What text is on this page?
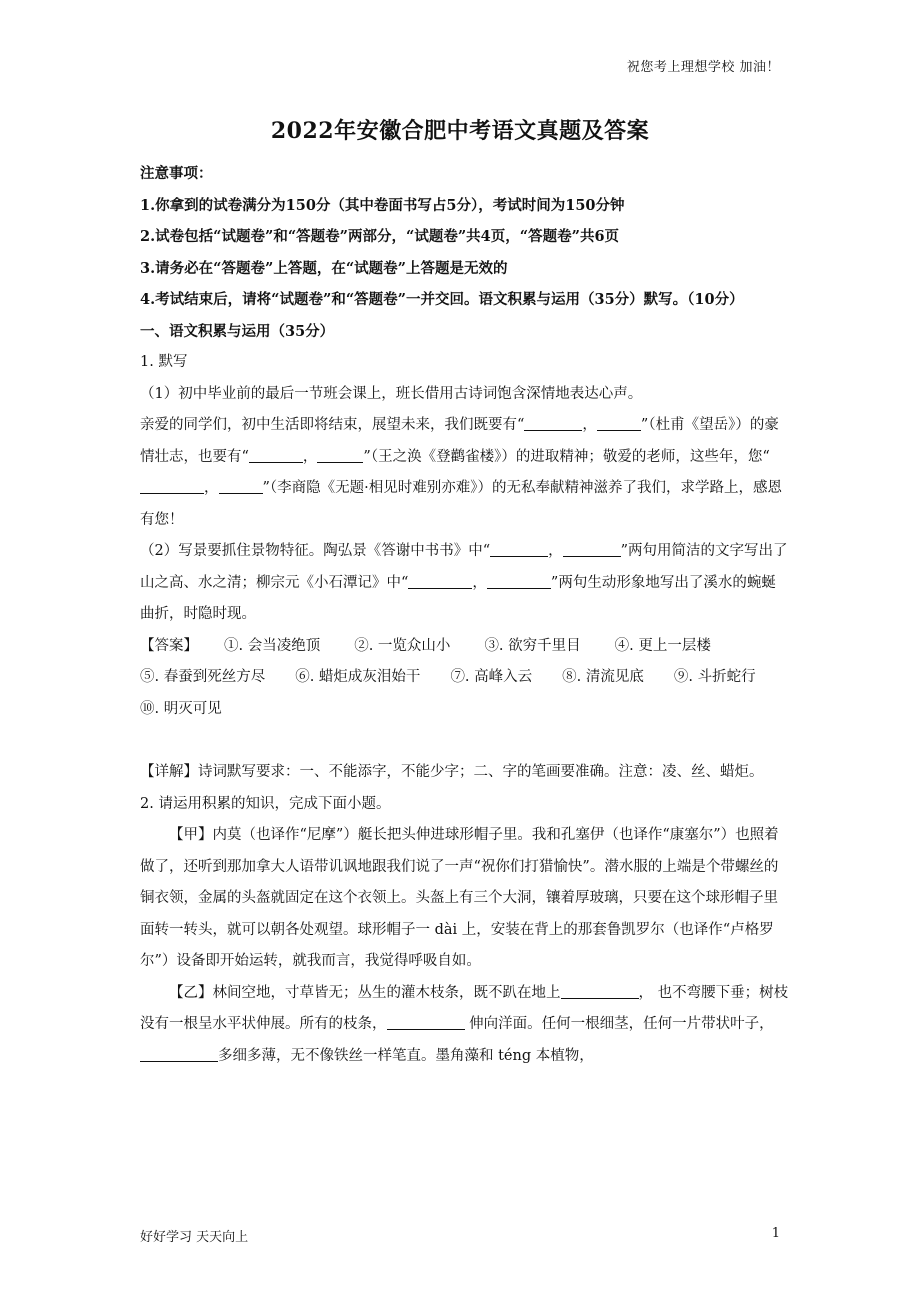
祝您考上理想学校 加油！
2022年安徽合肥中考语文真题及答案

注意事项：

1.你拿到的试卷满分为150分（其中卷面书写占5分），考试时间为150分钟

2.试卷包括“试题卷”和“答题卷”两部分，“试题卷”共4页，“答题卷”共6页

3.请务必在“答题卷”上答题，在“试题卷”上答题是无效的

4.考试结束后，请将“试题卷”和“答题卷”一并交回。语文积累与运用（35分）默写。（10分）

一、语文积累与运用（35分）

1. 默写

（1）初中毕业前的最后一节班会课上，班长借用古诗词饱含深情地表达心声。

亲爱的同学们，初中生活即将结束，展望未来，我们既要有“	，	”（杜甫《望岳》）的豪情壮志，也要有“	，	”（王之涣《登鹳雀楼》）的进取精神；敬爱的老师，这些年，您“，	”（李商隐《无题·相见时难别亦难》）的无私奉献精神滋养了我们，求学路上，感恩有您！

（2）写景要抓住景物特征。陶弘景《答谢中书书》中“	，	”两句用简洁的文字写出了山之高、水之清；柳宗元《小石潭记》中“	，	”两句生动形象地写出了溪水的蜿蜒曲折，时隐时现。

【答案】 ①. 会当凌绝顶 ②. 一览众山小 ③. 欲穷千里目 ④. 更上一层楼
⑤. 春蚕到死丝方尽 ⑥. 蜡炬成灰泪始干 ⑦. 高峰入云 ⑧. 清流见底 ⑨. 斗折蛇行⑩. 明灭可见

【详解】诗词默写要求：一、不能添字，不能少字；二、字的笔画要准确。注意：凌、丝、蜡炬。

2. 请运用积累的知识，完成下面小题。

【甲】内莫（也译作“尼摩”）艇长把头伸进球形帽子里。我和孔塞伊（也译作“康塞尔”）也照着做了，还听到那加拿大人语带讥讽地跟我们说了一声“祝你们打猎愉快”。潜水服的上端是个带螺丝的铜衣领，金属的头盔就固定在这个衣领上。头盔上有三个大洞，镶着厚玻璃，只要在这个球形帽子里面转一转头，就可以朝各处观望。球形帽子一 dài 上，安装在背上的那套鲁凯罗尔（也译作“卢格罗尔”）设备即开始运转，就我而言，我觉得呼吸自如。

【乙】林间空地，寸草皆无；丛生的灌木枝条，既不趴在地上	， 也不弯腰下垂；树枝没有一根呈水平状伸展。所有的枝条，	伸向洋面。任何一根细茎，任何一片带状叶子，多细多薄，无不像铁丝一样笔直。墨角藻和 téng 本植物，

好好学习 天天向上	1
